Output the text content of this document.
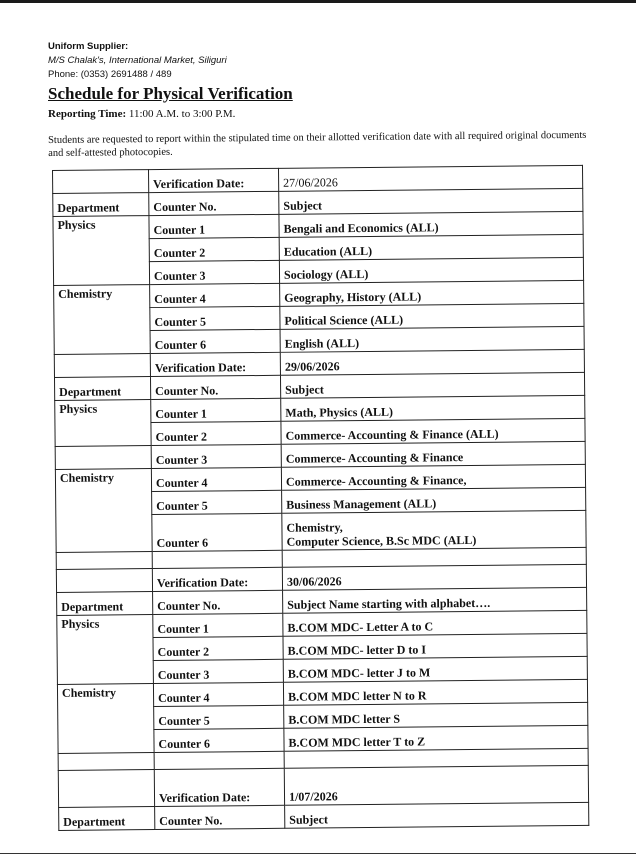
Uniform Supplier:
M/S Chalak's, International Market, Siliguri
Phone: (0353) 2691488 / 489
Schedule for Physical Verification
Reporting Time: 11:00 A.M. to 3:00 P.M.
Students are requested to report within the stipulated time on their allotted verification date with all required original documents and self-attested photocopies.
	Verification Date:	27/06/2026
Department	Counter No.	Subject
Physics	Counter 1	Bengali and Economics (ALL)
	Counter 2	Education (ALL)
	Counter 3	Sociology (ALL)
Chemistry	Counter 4	Geography, History (ALL)
	Counter 5	Political Science (ALL)
	Counter 6	English (ALL)
	Verification Date:	29/06/2026
Department	Counter No.	Subject
Physics	Counter 1	Math, Physics (ALL)
	Counter 2	Commerce- Accounting & Finance (ALL)
	Counter 3	Commerce- Accounting & Finance
Chemistry	Counter 4	Commerce- Accounting & Finance,
	Counter 5	Business Management (ALL)
	Counter 6	Chemistry,
Computer Science, B.Sc MDC (ALL)

	Verification Date:	30/06/2026
Department	Counter No.	Subject Name starting with alphabet….
Physics	Counter 1	B.COM MDC- Letter A to C
	Counter 2	B.COM MDC- letter D to I
	Counter 3	B.COM MDC- letter J to M
Chemistry	Counter 4	B.COM MDC letter N to R
	Counter 5	B.COM MDC letter S
	Counter 6	B.COM MDC letter T to Z

	Verification Date:	1/07/2026
Department	Counter No.	Subject
